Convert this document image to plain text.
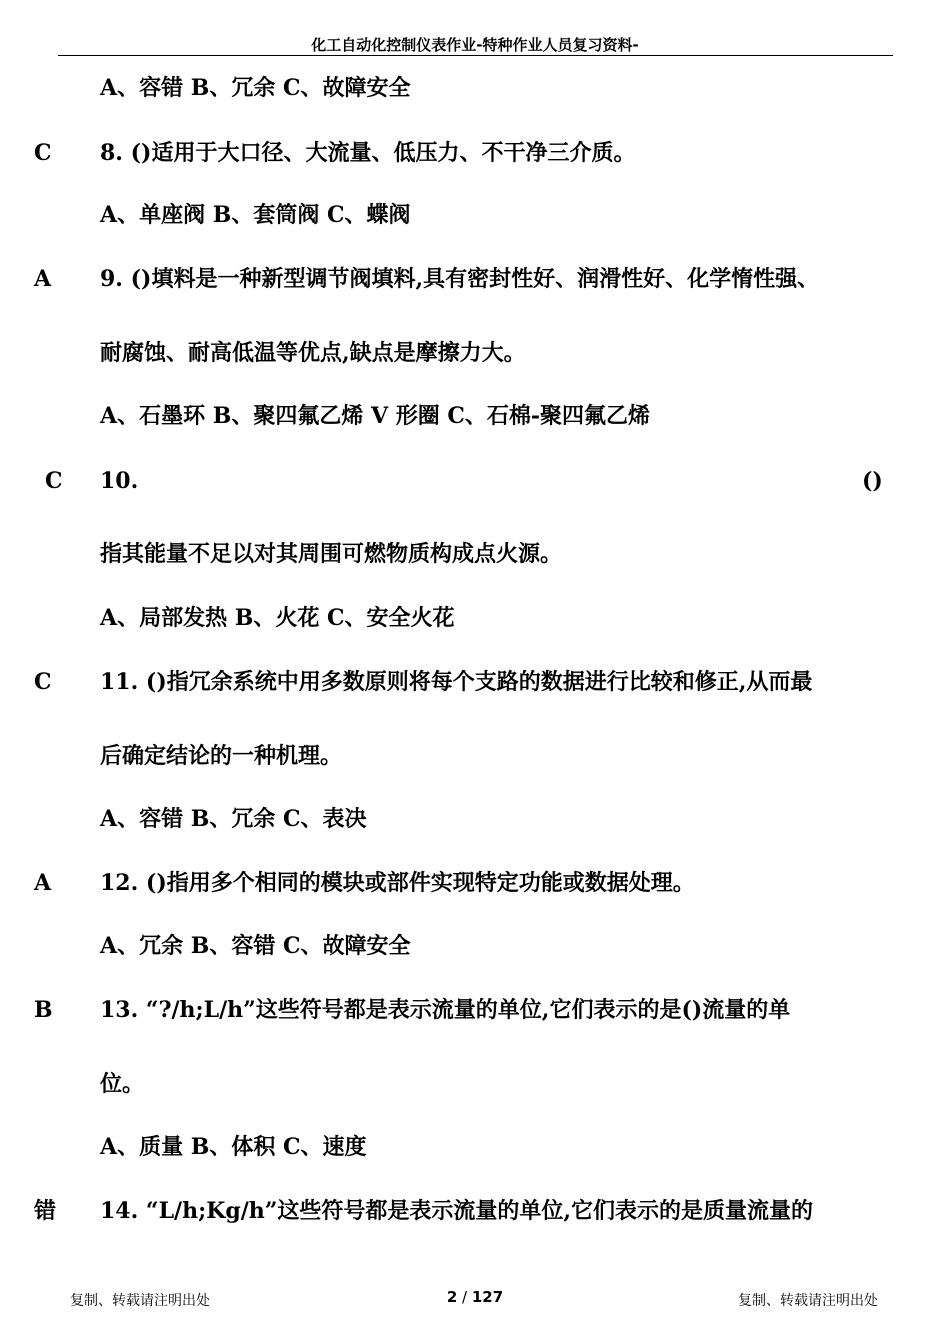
化工自动化控制仪表作业-特种作业人员复习资料-
A、容错 B、冗余 C、故障安全
C 8. ()适用于大口径、大流量、低压力、不干净三介质。
A、单座阀 B、套筒阀 C、蝶阀
A 9. ()填料是一种新型调节阀填料,具有密封性好、润滑性好、化学惰性强、
耐腐蚀、耐高低温等优点,缺点是摩擦力大。
A、石墨环 B、聚四氟乙烯 V 形圈 C、石棉-聚四氟乙烯
C 10.	()
指其能量不足以对其周围可燃物质构成点火源。
A、局部发热 B、火花 C、安全火花
C 11. ()指冗余系统中用多数原则将每个支路的数据进行比较和修正,从而最
后确定结论的一种机理。
A、容错 B、冗余 C、表决
A 12. ()指用多个相同的模块或部件实现特定功能或数据处理。
A、冗余 B、容错 C、故障安全
B 13. “?/h;L/h”这些符号都是表示流量的单位,它们表示的是()流量的单
位。
A、质量 B、体积 C、速度
错 14. “L/h;Kg/h”这些符号都是表示流量的单位,它们表示的是质量流量的
复制、转载请注明出处	2 / 127	复制、转载请注明出处
